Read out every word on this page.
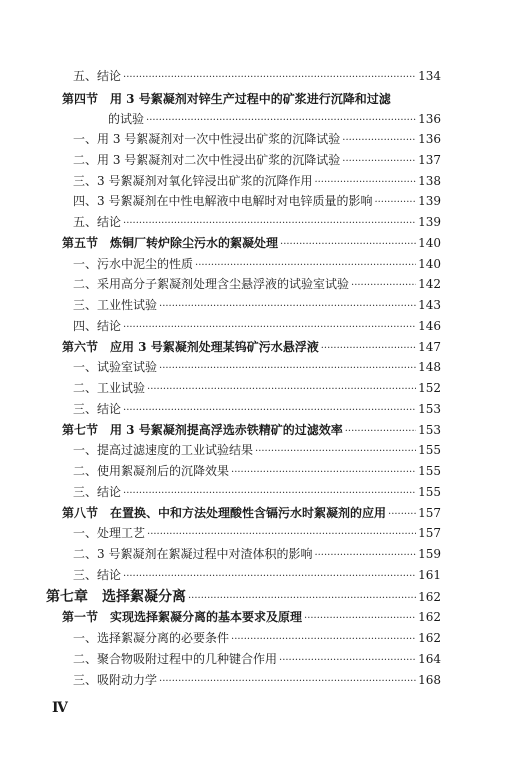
五、结论 ·····	134
第四节　用 3 号絮凝剂对锌生产过程中的矿浆进行沉降和过滤
的试验 ·····	136
一、用 3 号絮凝剂对一次中性浸出矿浆的沉降试验 ·····	136
二、用 3 号絮凝剂对二次中性浸出矿浆的沉降试验 ·····	137
三、3 号絮凝剂对氧化锌浸出矿浆的沉降作用 ·····	138
四、3 号絮凝剂在中性电解液中电解时对电锌质量的影响 ·····	139
五、结论 ·····	139
第五节　炼铜厂转炉除尘污水的絮凝处理 ·····	140
一、污水中泥尘的性质 ·····	140
二、采用高分子絮凝剂处理含尘悬浮液的试验室试验 ·····	142
三、工业性试验 ·····	143
四、结论 ·····	146
第六节　应用 3 号絮凝剂处理某钨矿污水悬浮液 ·····	147
一、试验室试验 ·····	148
二、工业试验 ·····	152
三、结论 ·····	153
第七节　用 3 号絮凝剂提高浮选赤铁精矿的过滤效率 ·····	153
一、提高过滤速度的工业试验结果 ·····	155
二、使用絮凝剂后的沉降效果 ·····	155
三、结论 ·····	155
第八节　在置换、中和方法处理酸性含镉污水时絮凝剂的应用 ·····	157
一、处理工艺 ·····	157
二、3 号絮凝剂在絮凝过程中对渣体积的影响 ·····	159
三、结论 ·····	161
第七章　选择絮凝分离 ·····	162
第一节　实现选择絮凝分离的基本要求及原理 ·····	162
一、选择絮凝分离的必要条件 ·····	162
二、聚合物吸附过程中的几种键合作用 ·····	164
三、吸附动力学 ·····	168
Ⅳ
